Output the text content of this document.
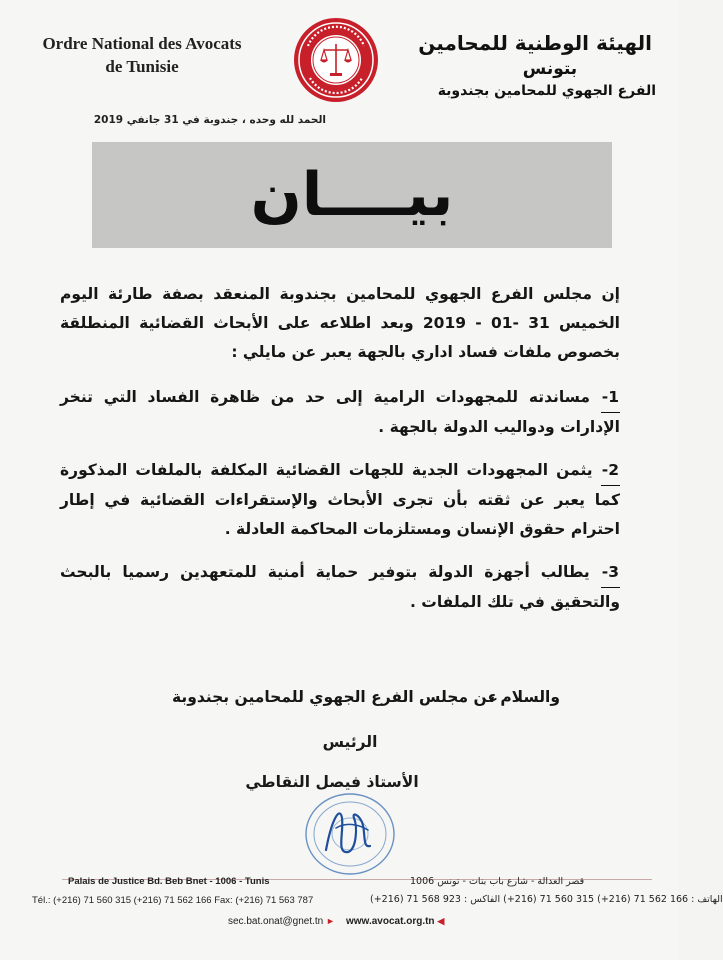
Ordre National des Avocats
de Tunisie
الهيئة الوطنية للمحامين
بتونس
الفرع الجهوي للمحامين بجندوبة
الحمد لله وحده ، جندوبة في 31 جانفي 2019
بيــــان

إن مجلس الفرع الجهوي للمحامين بجندوبة المنعقد بصفة طارئة اليوم الخميس 31 -01 - 2019 وبعد اطلاعه على الأبحاث القضائية المنطلقة بخصوص ملفات فساد اداري بالجهة يعبر عن مايلي :

1- مساندته للمجهودات الرامية إلى حد من ظاهرة الفساد التي تنخر الإدارات ودواليب الدولة بالجهة .

2- يثمن المجهودات الجدية للجهات القضائية المكلفة بالملفات المذكورة كما يعبر عن ثقته بأن تجرى الأبحاث والإستقراءات القضائية في إطار احترام حقوق الإنسان ومستلزمات المحاكمة العادلة .

3- يطالب أجهزة الدولة بتوفير حماية أمنية للمتعهدين رسميا بالبحث والتحقيق في تلك الملفات .

والسلام ،
عن مجلس الفرع الجهوي للمحامين بجندوبة
الرئيس
الأستاذ فيصل النقاطي
Palais de Justice Bd. Beb Bnet - 1006 - Tunis	قصر العدالة - شارع باب بنات - تونس 1006
Tél.: (+216) 71 560 315 (+216) 71 562 166 Fax: (+216) 71 563 787	الهاتف : 166 562 71 (216+) 315 560 71 (216+) الفاكس : 923 568 71 (216+)
sec.bat.onat@gnet.tn ► www.avocat.org.tn ◀
